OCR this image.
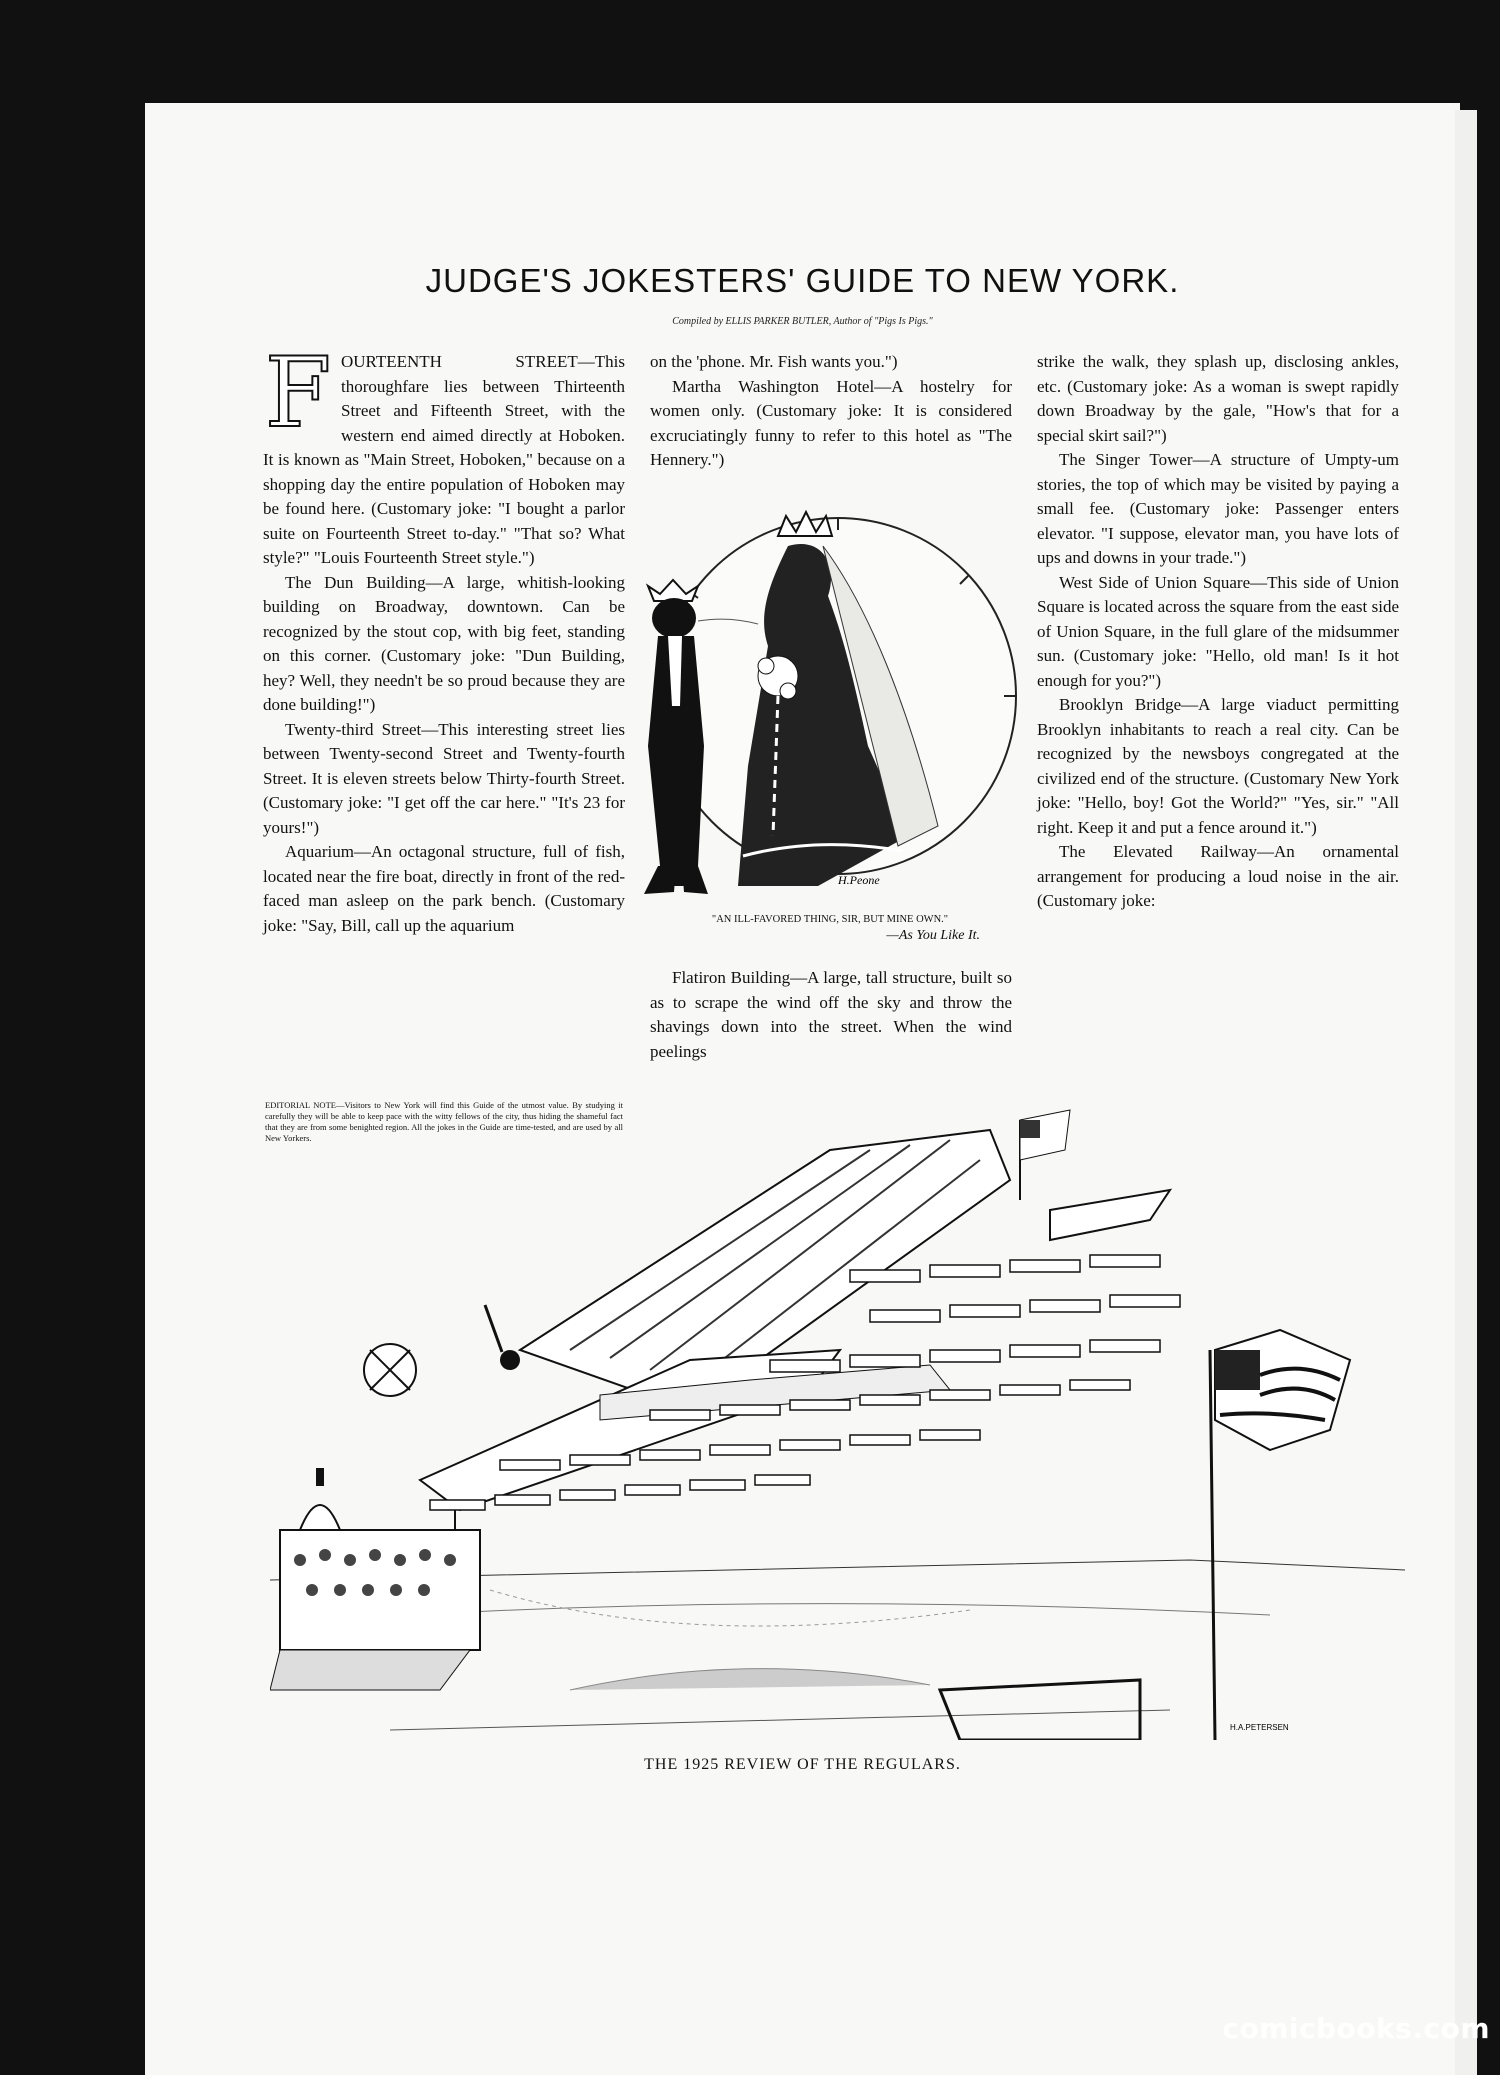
JUDGE'S JOKESTERS' GUIDE TO NEW YORK.
Compiled by ELLIS PARKER BUTLER, Author of "Pigs Is Pigs."

FOURTEENTH STREET—This thoroughfare lies between Thirteenth Street and Fifteenth Street, with the western end aimed directly at Hoboken. It is known as "Main Street, Hoboken," because on a shopping day the entire population of Hoboken may be found here. (Customary joke: "I bought a parlor suite on Fourteenth Street to-day." "That so? What style?" "Louis Fourteenth Street style.")

The Dun Building—A large, whitish-looking building on Broadway, downtown. Can be recognized by the stout cop, with big feet, standing on this corner. (Customary joke: "Dun Building, hey? Well, they needn't be so proud because they are done building!")

Twenty-third Street—This interesting street lies between Twenty-second Street and Twenty-fourth Street. It is eleven streets below Thirty-fourth Street. (Customary joke: "I get off the car here." "It's 23 for yours!")

Aquarium—An octagonal structure, full of fish, located near the fire boat, directly in front of the red-faced man asleep on the park bench. (Customary joke: "Say, Bill, call up the aquarium

EDITORIAL NOTE—Visitors to New York will find this Guide of the utmost value. By studying it carefully they will be able to keep pace with the witty fellows of the city, thus hiding the shameful fact that they are from some benighted region. All the jokes in the Guide are time-tested, and are used by all New Yorkers.

on the 'phone. Mr. Fish wants you.")

Martha Washington Hotel—A hostelry for women only. (Customary joke: It is considered excruciatingly funny to refer to this hotel as "The Hennery.")

H.Peone
"AN ILL-FAVORED THING, SIR, BUT MINE OWN."
—As You Like It.

Flatiron Building—A large, tall structure, built so as to scrape the wind off the sky and throw the shavings down into the street. When the wind peelings

strike the walk, they splash up, disclosing ankles, etc. (Customary joke: As a woman is swept rapidly down Broadway by the gale, "How's that for a special skirt sail?")

The Singer Tower—A structure of Umpty-um stories, the top of which may be visited by paying a small fee. (Customary joke: Passenger enters elevator. "I suppose, elevator man, you have lots of ups and downs in your trade.")

West Side of Union Square—This side of Union Square is located across the square from the east side of Union Square, in the full glare of the midsummer sun. (Customary joke: "Hello, old man! Is it hot enough for you?")

Brooklyn Bridge—A large viaduct permitting Brooklyn inhabitants to reach a real city. Can be recognized by the newsboys congregated at the civilized end of the structure. (Customary New York joke: "Hello, boy! Got the World?" "Yes, sir." "All right. Keep it and put a fence around it.")

The Elevated Railway—An ornamental arrangement for producing a loud noise in the air. (Customary joke:

H.A.PETERSEN
THE 1925 REVIEW OF THE REGULARS.
comicbooks.com
